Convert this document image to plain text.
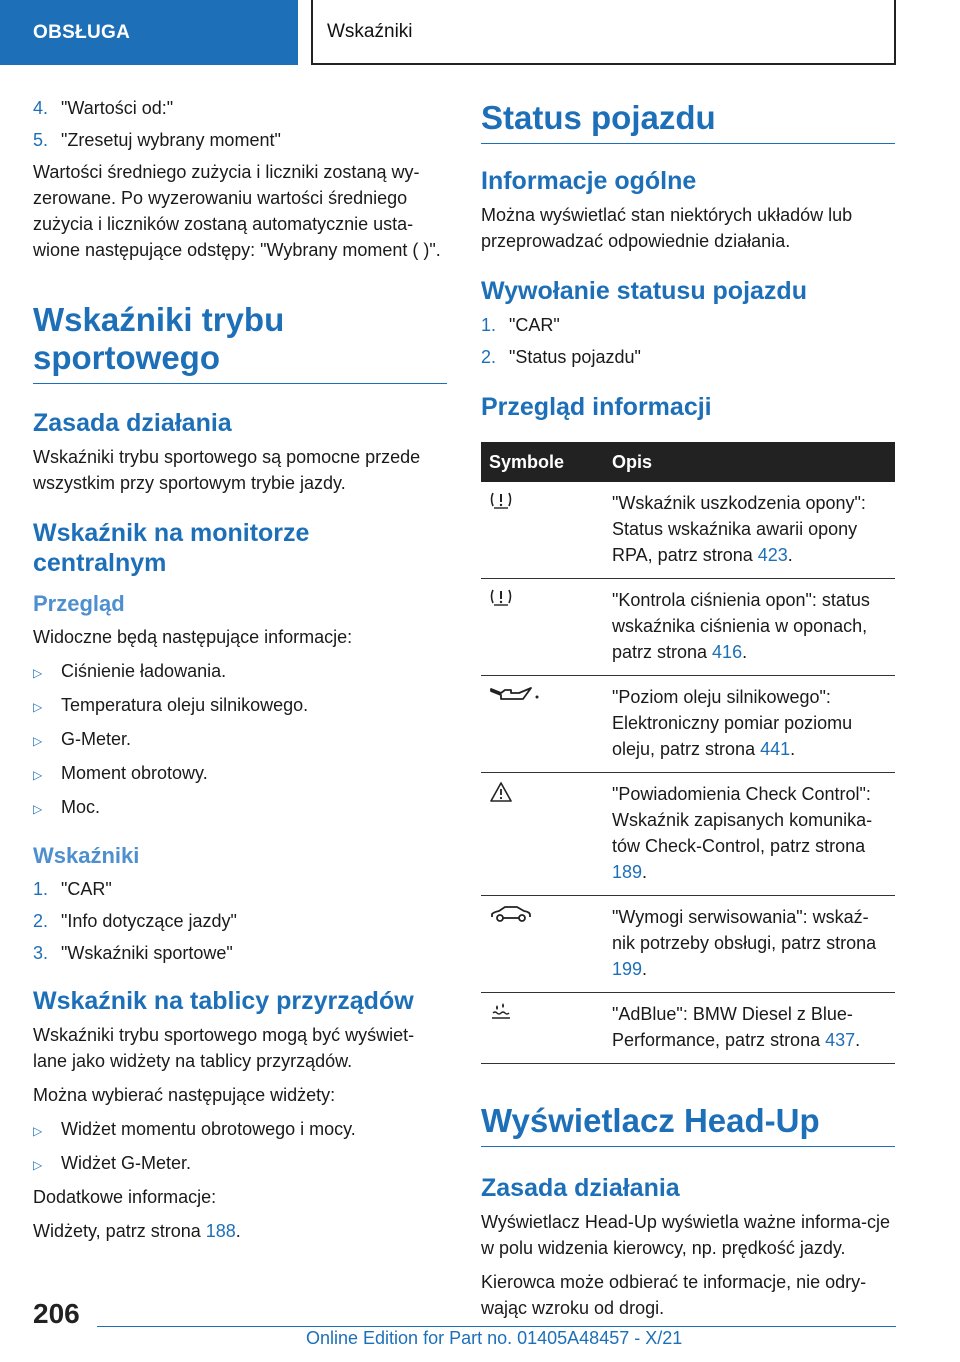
OBSŁUGA	Wskaźniki
4. "Wartości od:"
5. "Zresetuj wybrany moment"

Wartości średniego zużycia i liczniki zostaną wy‐zerowane. Po wyzerowaniu wartości średniego zużycia i liczników zostaną automatycznie usta‐wione następujące odstępy: "Wybrany moment ( )".

Wskaźniki trybu sportowego
Zasada działania

Wskaźniki trybu sportowego są pomocne przede wszystkim przy sportowym trybie jazdy.

Wskaźnik na monitorze centralnym
Przegląd

Widoczne będą następujące informacje:

▷	Ciśnienie ładowania.
▷	Temperatura oleju silnikowego.
▷	G-Meter.
▷	Moment obrotowy.
▷	Moc.
Wskaźniki
1. "CAR"
2. "Info dotyczące jazdy"
3. "Wskaźniki sportowe"
Wskaźnik na tablicy przyrządów

Wskaźniki trybu sportowego mogą być wyświet‐lane jako widżety na tablicy przyrządów.

Można wybierać następujące widżety:

▷	Widżet momentu obrotowego i mocy.
▷	Widżet G-Meter.

Dodatkowe informacje:

Widżety, patrz strona 188.

Status pojazdu
Informacje ogólne

Można wyświetlać stan niektórych układów lub przeprowadzać odpowiednie działania.

Wywołanie statusu pojazdu
1. "CAR"
2. "Status pojazdu"
Przegląd informacji
Symbole	Opis
	"Wskaźnik uszkodzenia opony": Status wskaźnika awarii opony RPA, patrz strona 423.
	"Kontrola ciśnienia opon": status wskaźnika ciśnienia w oponach, patrz strona 416.
	"Poziom oleju silnikowego": Elektroniczny pomiar poziomu oleju, patrz strona 441.
	"Powiadomienia Check Control": Wskaźnik zapisanych komunika‐tów Check-Control, patrz strona 189.
	"Wymogi serwisowania": wskaź‐nik potrzeby obsługi, patrz strona 199.
	"AdBlue": BMW Diesel z Blue‐Performance, patrz strona 437.
Wyświetlacz Head-Up
Zasada działania

Wyświetlacz Head-Up wyświetla ważne informa‐cje w polu widzenia kierowcy, np. prędkość jazdy.

Kierowca może odbierać te informacje, nie odry‐wając wzroku od drogi.

206
Online Edition for Part no. 01405A48457 - X/21
